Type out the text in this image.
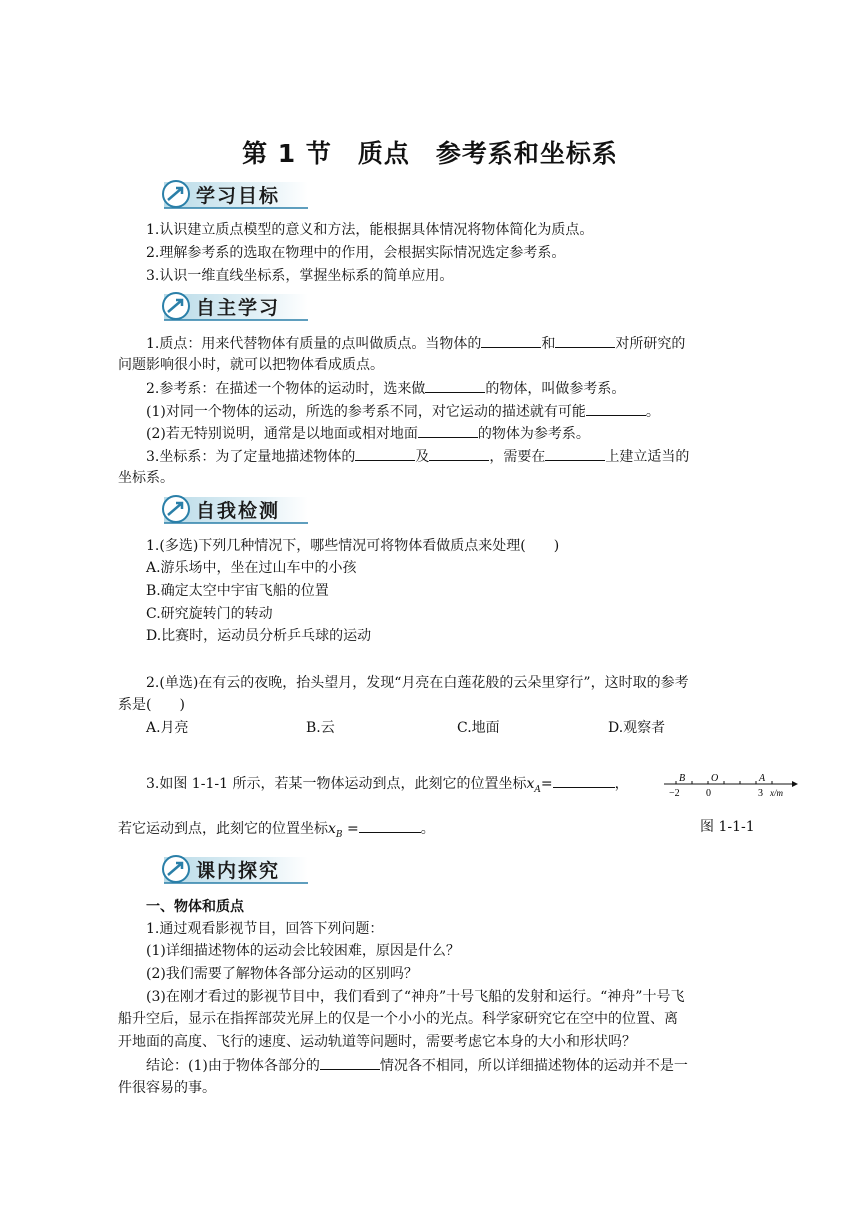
第 1 节 质点 参考系和坐标系
学习目标
1.认识建立质点模型的意义和方法，能根据具体情况将物体简化为质点。
2.理解参考系的选取在物理中的作用，会根据实际情况选定参考系。
3.认识一维直线坐标系，掌握坐标系的简单应用。
自主学习
1.质点：用来代替物体有质量的点叫做质点。当物体的	和	对所研究的
问题影响很小时，就可以把物体看成质点。
2.参考系：在描述一个物体的运动时，选来做	的物体，叫做参考系。
(1)对同一个物体的运动，所选的参考系不同，对它运动的描述就有可能	。
(2)若无特别说明，通常是以地面或相对地面	的物体为参考系。
3.坐标系：为了定量地描述物体的	及	，需要在	上建立适当的
坐标系。
自我检测
1.(多选)下列几种情况下，哪些情况可将物体看做质点来处理(　　)
A.游乐场中，坐在过山车中的小孩
B.确定太空中宇宙飞船的位置
C.研究旋转门的转动
D.比赛时，运动员分析乒乓球的运动
2.(单选)在有云的夜晚，抬头望月，发现“月亮在白莲花般的云朵里穿行”，这时取的参考
系是(　　)
A.月亮	B.云	C.地面	D.观察者
3.如图 1-1-1 所示，若某一物体运动到点，此刻它的位置坐标$x_A=$	，	B	O	A
−2	0	3 x/m
若它运动到点，此刻它的位置坐标$x_B$ =	。	图 1-1-1
课内探究
一、物体和质点
1.通过观看影视节目，回答下列问题：
(1)详细描述物体的运动会比较困难，原因是什么？
(2)我们需要了解物体各部分运动的区别吗？
(3)在刚才看过的影视节目中，我们看到了“神舟”十号飞船的发射和运行。“神舟”十号飞
船升空后，显示在指挥部荧光屏上的仅是一个小小的光点。科学家研究它在空中的位置、离
开地面的高度、飞行的速度、运动轨道等问题时，需要考虑它本身的大小和形状吗？
结论：(1)由于物体各部分的	情况各不相同，所以详细描述物体的运动并不是一
件很容易的事。
